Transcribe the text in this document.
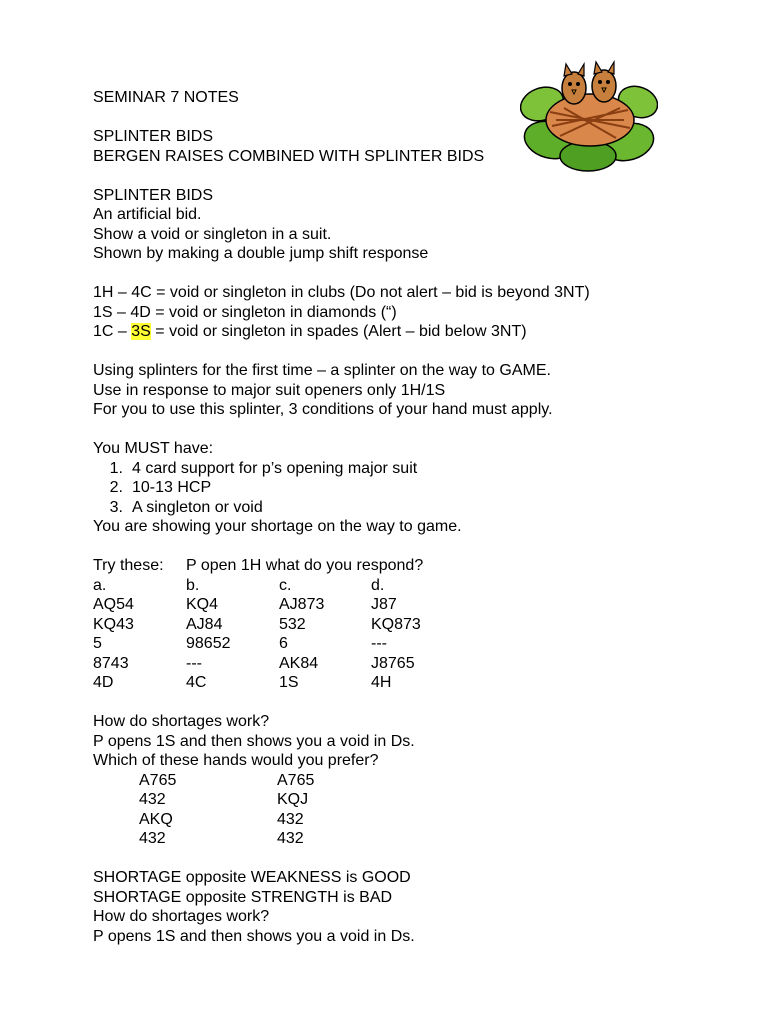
SEMINAR 7 NOTES
SPLINTER BIDS
BERGEN RAISES COMBINED WITH SPLINTER BIDS
SPLINTER BIDS
An artificial bid.
Show a void or singleton in a suit.
Shown by making a double jump shift response
1H – 4C = void or singleton in clubs (Do not alert – bid is beyond 3NT)
1S – 4D = void or singleton in diamonds (“)
1C – 3S = void or singleton in spades (Alert – bid below 3NT)
Using splinters for the first time – a splinter on the way to GAME.
Use in response to major suit openers only 1H/1S
For you to use this splinter, 3 conditions of your hand must apply.
You MUST have:
1. 4 card support for p’s opening major suit
2. 10-13 HCP
3. A singleton or void
You are showing your shortage on the way to game.
Try these:	P open 1H what do you respond?
a.	b.	c.	d.
AQ54	KQ4	AJ873	J87
KQ43	AJ84	532	KQ873
5	98652	6	---
8743	---	AK84	J8765
4D	4C	1S	4H
How do shortages work?
P opens 1S and then shows you a void in Ds.
Which of these hands would you prefer?
A765	A765
432	KQJ
AKQ	432
432	432
SHORTAGE opposite WEAKNESS is GOOD
SHORTAGE opposite STRENGTH is BAD
How do shortages work?
P opens 1S and then shows you a void in Ds.
